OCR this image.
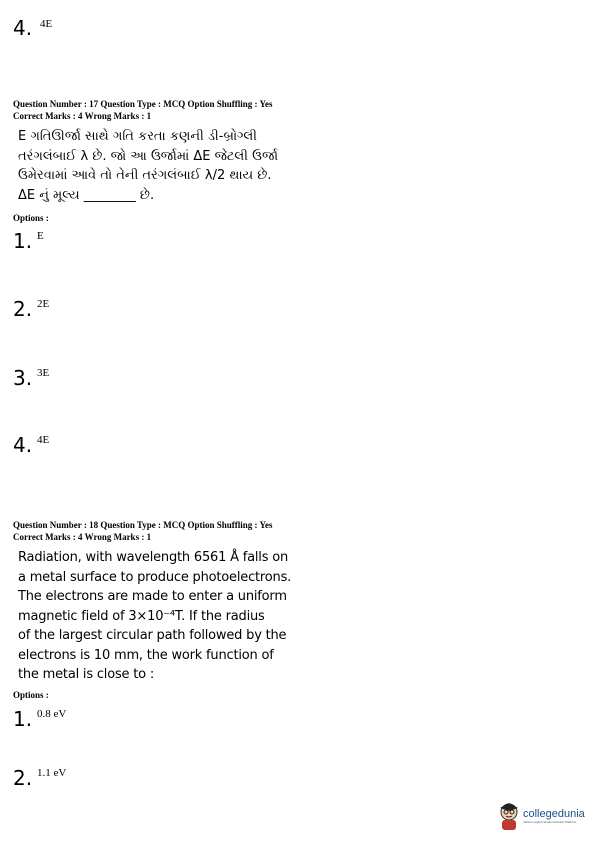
4. 4E
Question Number : 17 Question Type : MCQ Option Shuffling : Yes
Correct Marks : 4 Wrong Marks : 1
E ગતિઊર્જા સાથે ગતિ કરતા કણની ડી-બ્રોગ્લી
તરંગલંબાઈ λ છે. જો આ ઉર્જામાં ΔE જેટલી ઉર્જા
ઉમેરવામાં આવે તો તેની તરંગલંબાઈ λ/2 થાય છે.
ΔE નું મૂલ્ય ________ છે.
Options :
1. E
2. 2E
3. 3E
4. 4E
Question Number : 18 Question Type : MCQ Option Shuffling : Yes
Correct Marks : 4 Wrong Marks : 1
Radiation, with wavelength 6561 Å falls on
a metal surface to produce photoelectrons.
The electrons are made to enter a uniform
magnetic field of 3×10⁻⁴T. If the radius
of the largest circular path followed by the
electrons is 10 mm, the work function of
the metal is close to :
Options :
1. 0.8 eV
2. 1.1 eV
collegedunia
India's Largest Student Review Platform
